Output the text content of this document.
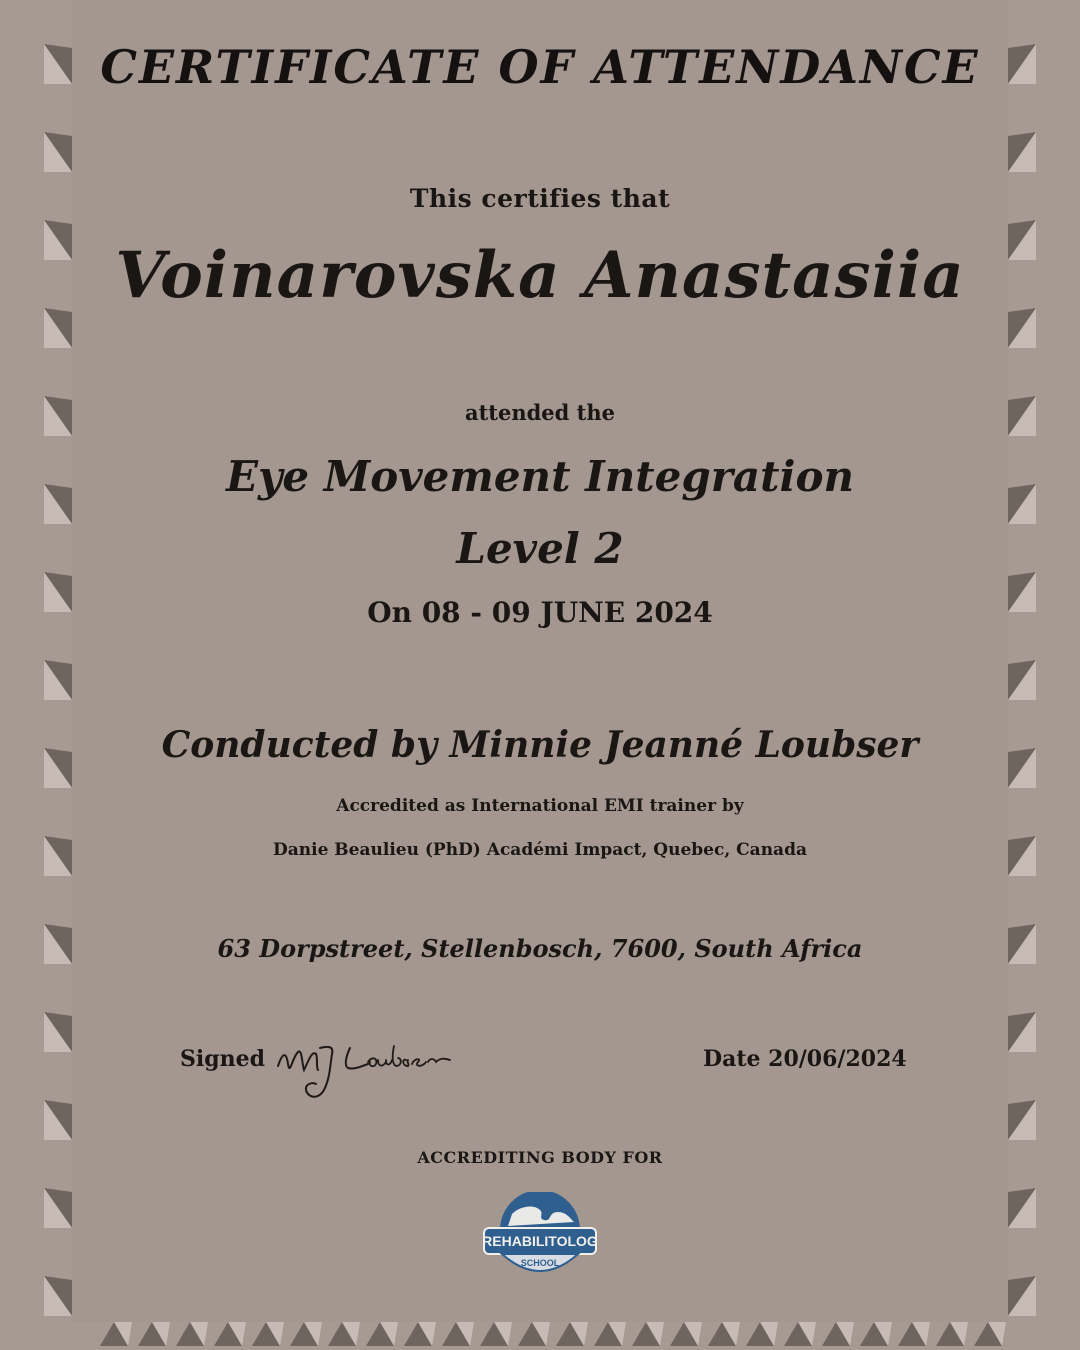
CERTIFICATE OF ATTENDANCE
This certifies that
Voinarovska Anastasiia
attended the
Eye Movement Integration
Level 2
On 08 - 09 JUNE 2024
Conducted by Minnie Jeanné Loubser
Accredited as International EMI trainer by
Danie Beaulieu (PhD) Académi Impact, Quebec, Canada
63 Dorpstreet, Stellenbosch, 7600, South Africa
Signed	Date 20/06/2024
ACCREDITING BODY FOR
REHABILITOLOG
SCHOOL
